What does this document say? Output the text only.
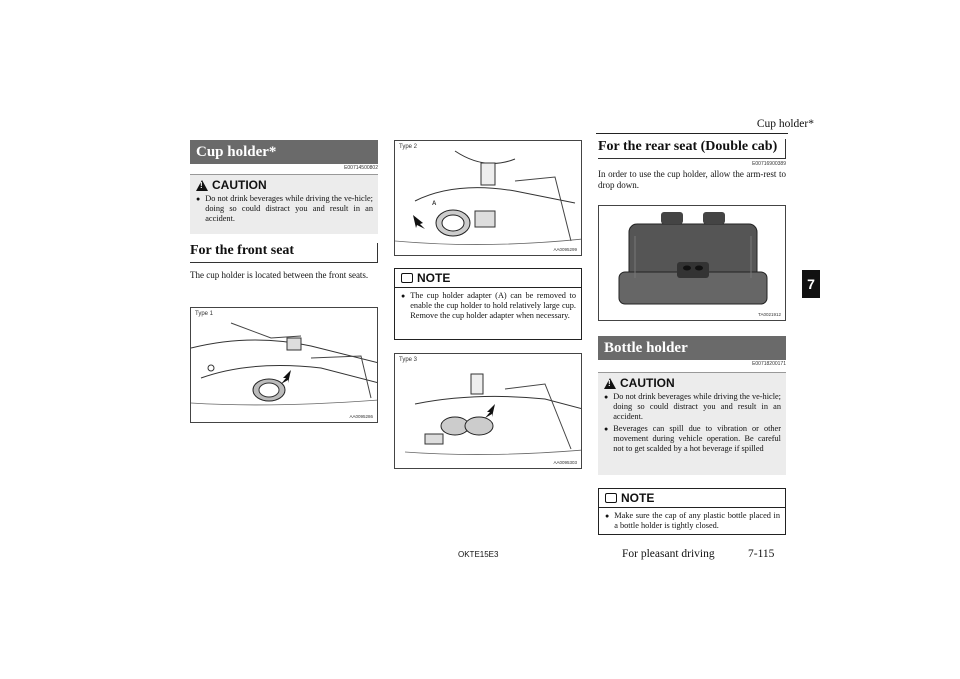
Cup holder*
7
Cup holder*
E00714500802
!
CAUTION
● Do not drink beverages while driving the ve-hicle; doing so could distract you and result in an accident.
For the front seat
The cup holder is located between the front seats.
Type 1
AA0095286
Type 2
A
AA0095299
NOTE
● The cup holder adapter (A) can be removed to enable the cup holder to hold relatively large cup. Remove the cup holder adapter when necessary.
Type 3
AA0095303
For the rear seat (Double cab)
E00716900389
In order to use the cup holder, allow the arm-rest to drop down.
TA0021912
Bottle holder
E00718200171
!
CAUTION
● Do not drink beverages while driving the ve-hicle; doing so could distract you and result in an accident.
● Beverages can spill due to vibration or other movement during vehicle operation. Be careful not to get scalded by a hot beverage if spilled
NOTE
● Make sure the cap of any plastic bottle placed in a bottle holder is tightly closed.
OKTE15E3	For pleasant driving	7-115
